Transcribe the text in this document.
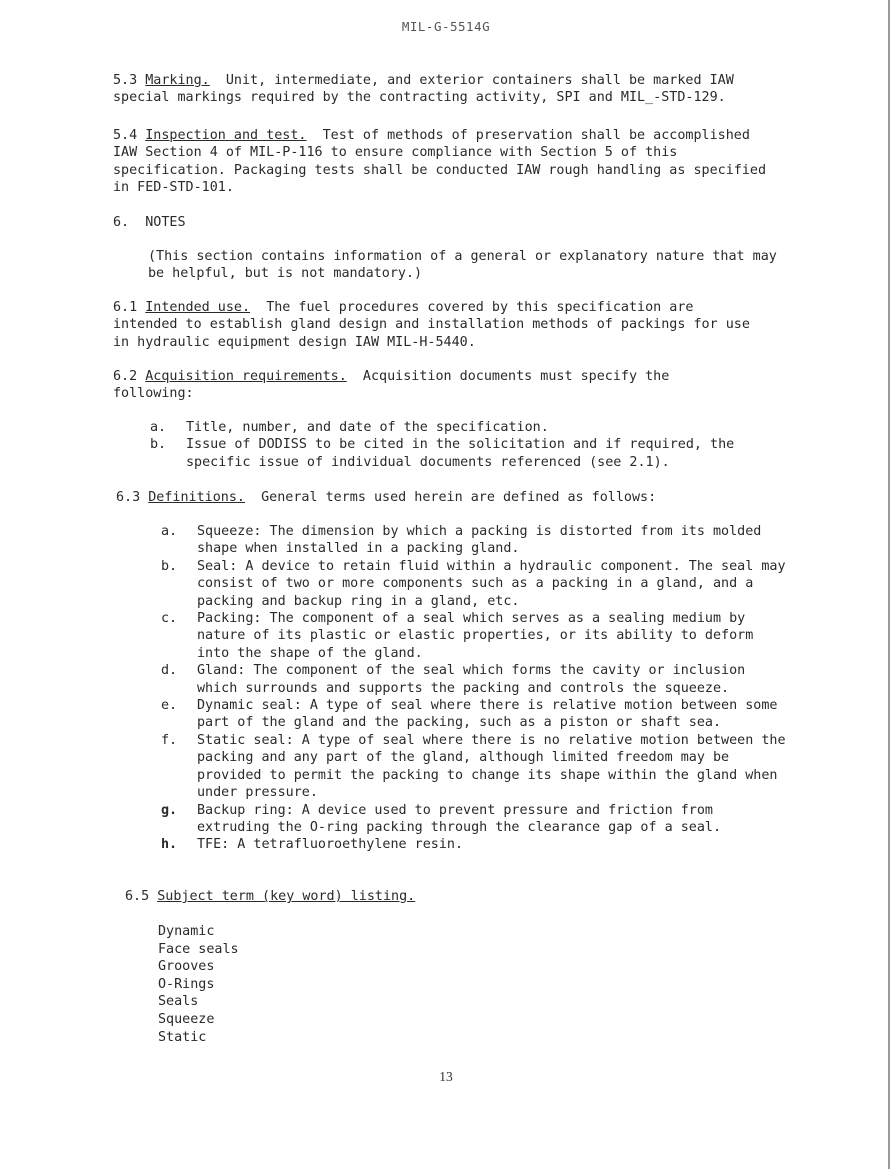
MIL-G-5514G

5.3 Marking. Unit, intermediate, and exterior containers shall be marked IAW special markings required by the contracting activity, SPI and MIL_-STD-129.

5.4 Inspection and test. Test of methods of preservation shall be accomplished IAW Section 4 of MIL-P-116 to ensure compliance with Section 5 of this specification. Packaging tests shall be conducted IAW rough handling as specified in FED-STD-101.

6. NOTES

(This section contains information of a general or explanatory nature that may be helpful, but is not mandatory.)

6.1 Intended use. The fuel procedures covered by this specification are intended to establish gland design and installation methods of packings for use in hydraulic equipment design IAW MIL-H-5440.

6.2 Acquisition requirements. Acquisition documents must specify the following:

a.	Title, number, and date of the specification.
b.	Issue of DODISS to be cited in the solicitation and if required, the specific issue of individual documents referenced (see 2.1).

6.3 Definitions. General terms used herein are defined as follows:

a.	Squeeze: The dimension by which a packing is distorted from its molded shape when installed in a packing gland.
b.	Seal: A device to retain fluid within a hydraulic component. The seal may consist of two or more components such as a packing in a gland, and a packing and backup ring in a gland, etc.
c.	Packing: The component of a seal which serves as a sealing medium by nature of its plastic or elastic properties, or its ability to deform into the shape of the gland.
d.	Gland: The component of the seal which forms the cavity or inclusion which surrounds and supports the packing and controls the squeeze.
e.	Dynamic seal: A type of seal where there is relative motion between some part of the gland and the packing, such as a piston or shaft sea.
f.	Static seal: A type of seal where there is no relative motion between the packing and any part of the gland, although limited freedom may be provided to permit the packing to change its shape within the gland when under pressure.
g.	Backup ring: A device used to prevent pressure and friction from extruding the O-ring packing through the clearance gap of a seal.
h.	TFE: A tetrafluoroethylene resin.

6.5 Subject term (key word) listing.

Dynamic
Face seals
Grooves
O-Rings
Seals
Squeeze
Static
13
